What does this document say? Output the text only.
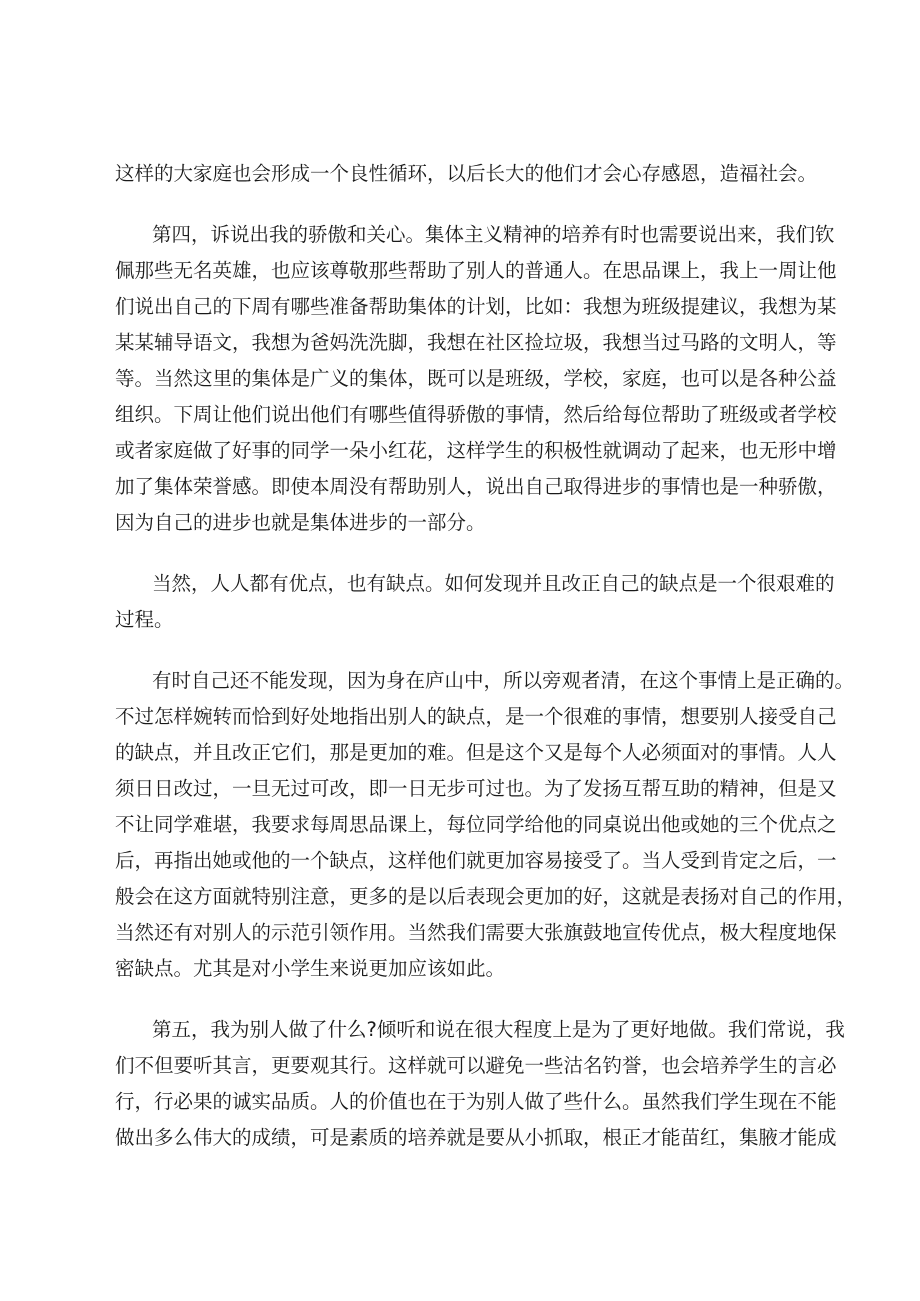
这样的大家庭也会形成一个良性循环，以后长大的他们才会心存感恩，造福社会。
第四，诉说出我的骄傲和关心。集体主义精神的培养有时也需要说出来，我们钦
佩那些无名英雄，也应该尊敬那些帮助了别人的普通人。在思品课上，我上一周让他
们说出自己的下周有哪些准备帮助集体的计划，比如：我想为班级提建议，我想为某
某某辅导语文，我想为爸妈洗洗脚，我想在社区捡垃圾，我想当过马路的文明人，等
等。当然这里的集体是广义的集体，既可以是班级，学校，家庭，也可以是各种公益
组织。下周让他们说出他们有哪些值得骄傲的事情，然后给每位帮助了班级或者学校
或者家庭做了好事的同学一朵小红花，这样学生的积极性就调动了起来，也无形中增
加了集体荣誉感。即使本周没有帮助别人，说出自己取得进步的事情也是一种骄傲，
因为自己的进步也就是集体进步的一部分。
当然，人人都有优点，也有缺点。如何发现并且改正自己的缺点是一个很艰难的
过程。
有时自己还不能发现，因为身在庐山中，所以旁观者清，在这个事情上是正确的。
不过怎样婉转而恰到好处地指出别人的缺点，是一个很难的事情，想要别人接受自己
的缺点，并且改正它们，那是更加的难。但是这个又是每个人必须面对的事情。人人
须日日改过，一旦无过可改，即一日无步可过也。为了发扬互帮互助的精神，但是又
不让同学难堪，我要求每周思品课上，每位同学给他的同桌说出他或她的三个优点之
后，再指出她或他的一个缺点，这样他们就更加容易接受了。当人受到肯定之后，一
般会在这方面就特别注意，更多的是以后表现会更加的好，这就是表扬对自己的作用，
当然还有对别人的示范引领作用。当然我们需要大张旗鼓地宣传优点，极大程度地保
密缺点。尤其是对小学生来说更加应该如此。
第五，我为别人做了什么?倾听和说在很大程度上是为了更好地做。我们常说，我
们不但要听其言，更要观其行。这样就可以避免一些沽名钓誉，也会培养学生的言必
行，行必果的诚实品质。人的价值也在于为别人做了些什么。虽然我们学生现在不能
做出多么伟大的成绩，可是素质的培养就是要从小抓取，根正才能苗红，集腋才能成
